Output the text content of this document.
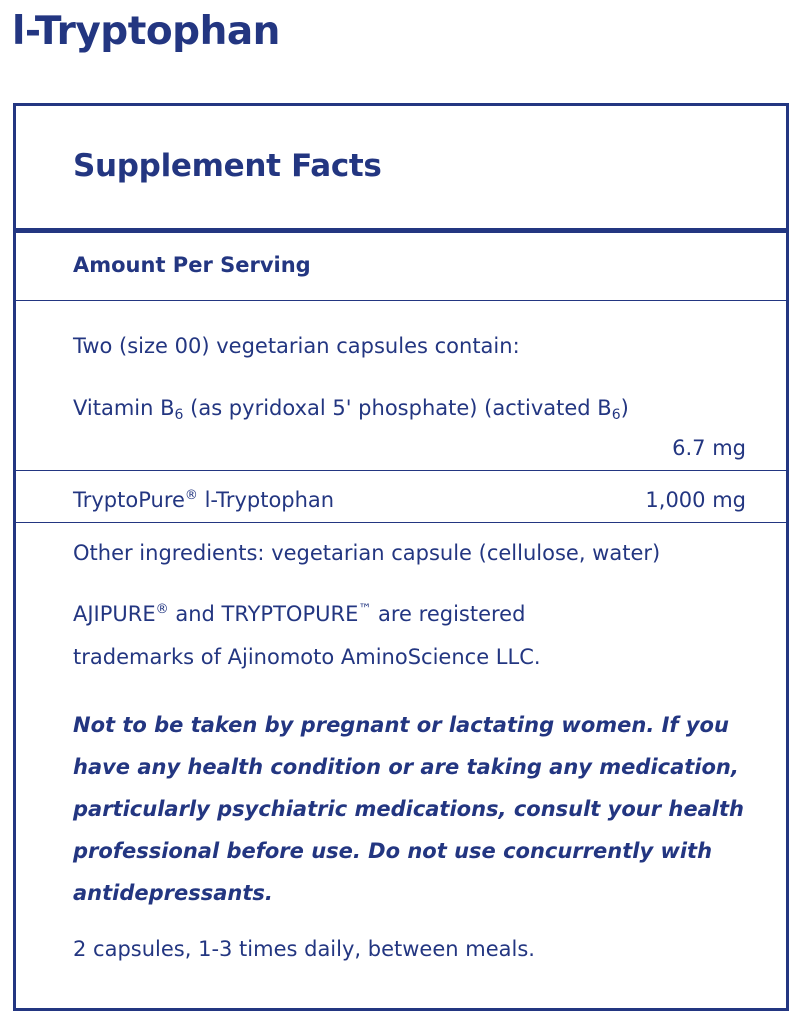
l-Tryptophan
Supplement Facts
Amount Per Serving
Two (size 00) vegetarian capsules contain:
Vitamin $B_6$ (as pyridoxal 5' phosphate) (activated $B_6$)
6.7 mg
TryptoPure® l-Tryptophan	1,000 mg
Other ingredients: vegetarian capsule (cellulose, water)
AJIPURE® and TRYPTOPURE™ are registered
trademarks of Ajinomoto AminoScience LLC.

Not to be taken by pregnant or lactating women. If you have any health condition or are taking any medication, particularly psychiatric medications, consult your health professional before use. Do not use concurrently with antidepressants.

2 capsules, 1-3 times daily, between meals.
